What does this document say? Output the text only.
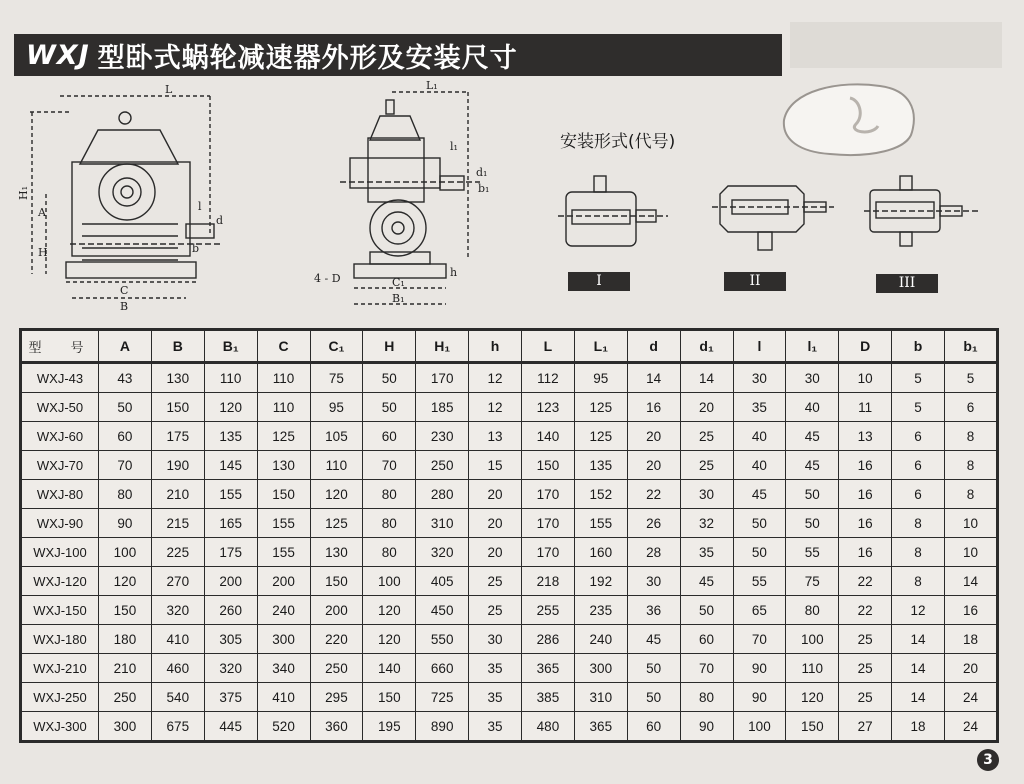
WXJ 型卧式蜗轮减速器外形及安装尺寸
L
H₁
A
H
C
B
l
d
b
L₁
l₁
d₁
C₁
B₁
h
4 - D
b₁
安装形式(代号)
I	II	III
型　号	A	B	B₁	C	C₁	H	H₁	h	L	L₁	d	d₁	l	l₁	D	b	b₁
WXJ-43	43	130	110	110	75	50	170	12	112	95	14	14	30	30	10	5	5
WXJ-50	50	150	120	110	95	50	185	12	123	125	16	20	35	40	11	5	6
WXJ-60	60	175	135	125	105	60	230	13	140	125	20	25	40	45	13	6	8
WXJ-70	70	190	145	130	110	70	250	15	150	135	20	25	40	45	16	6	8
WXJ-80	80	210	155	150	120	80	280	20	170	152	22	30	45	50	16	6	8
WXJ-90	90	215	165	155	125	80	310	20	170	155	26	32	50	50	16	8	10
WXJ-100	100	225	175	155	130	80	320	20	170	160	28	35	50	55	16	8	10
WXJ-120	120	270	200	200	150	100	405	25	218	192	30	45	55	75	22	8	14
WXJ-150	150	320	260	240	200	120	450	25	255	235	36	50	65	80	22	12	16
WXJ-180	180	410	305	300	220	120	550	30	286	240	45	60	70	100	25	14	18
WXJ-210	210	460	320	340	250	140	660	35	365	300	50	70	90	110	25	14	20
WXJ-250	250	540	375	410	295	150	725	35	385	310	50	80	90	120	25	14	24
WXJ-300	300	675	445	520	360	195	890	35	480	365	60	90	100	150	27	18	24
3
